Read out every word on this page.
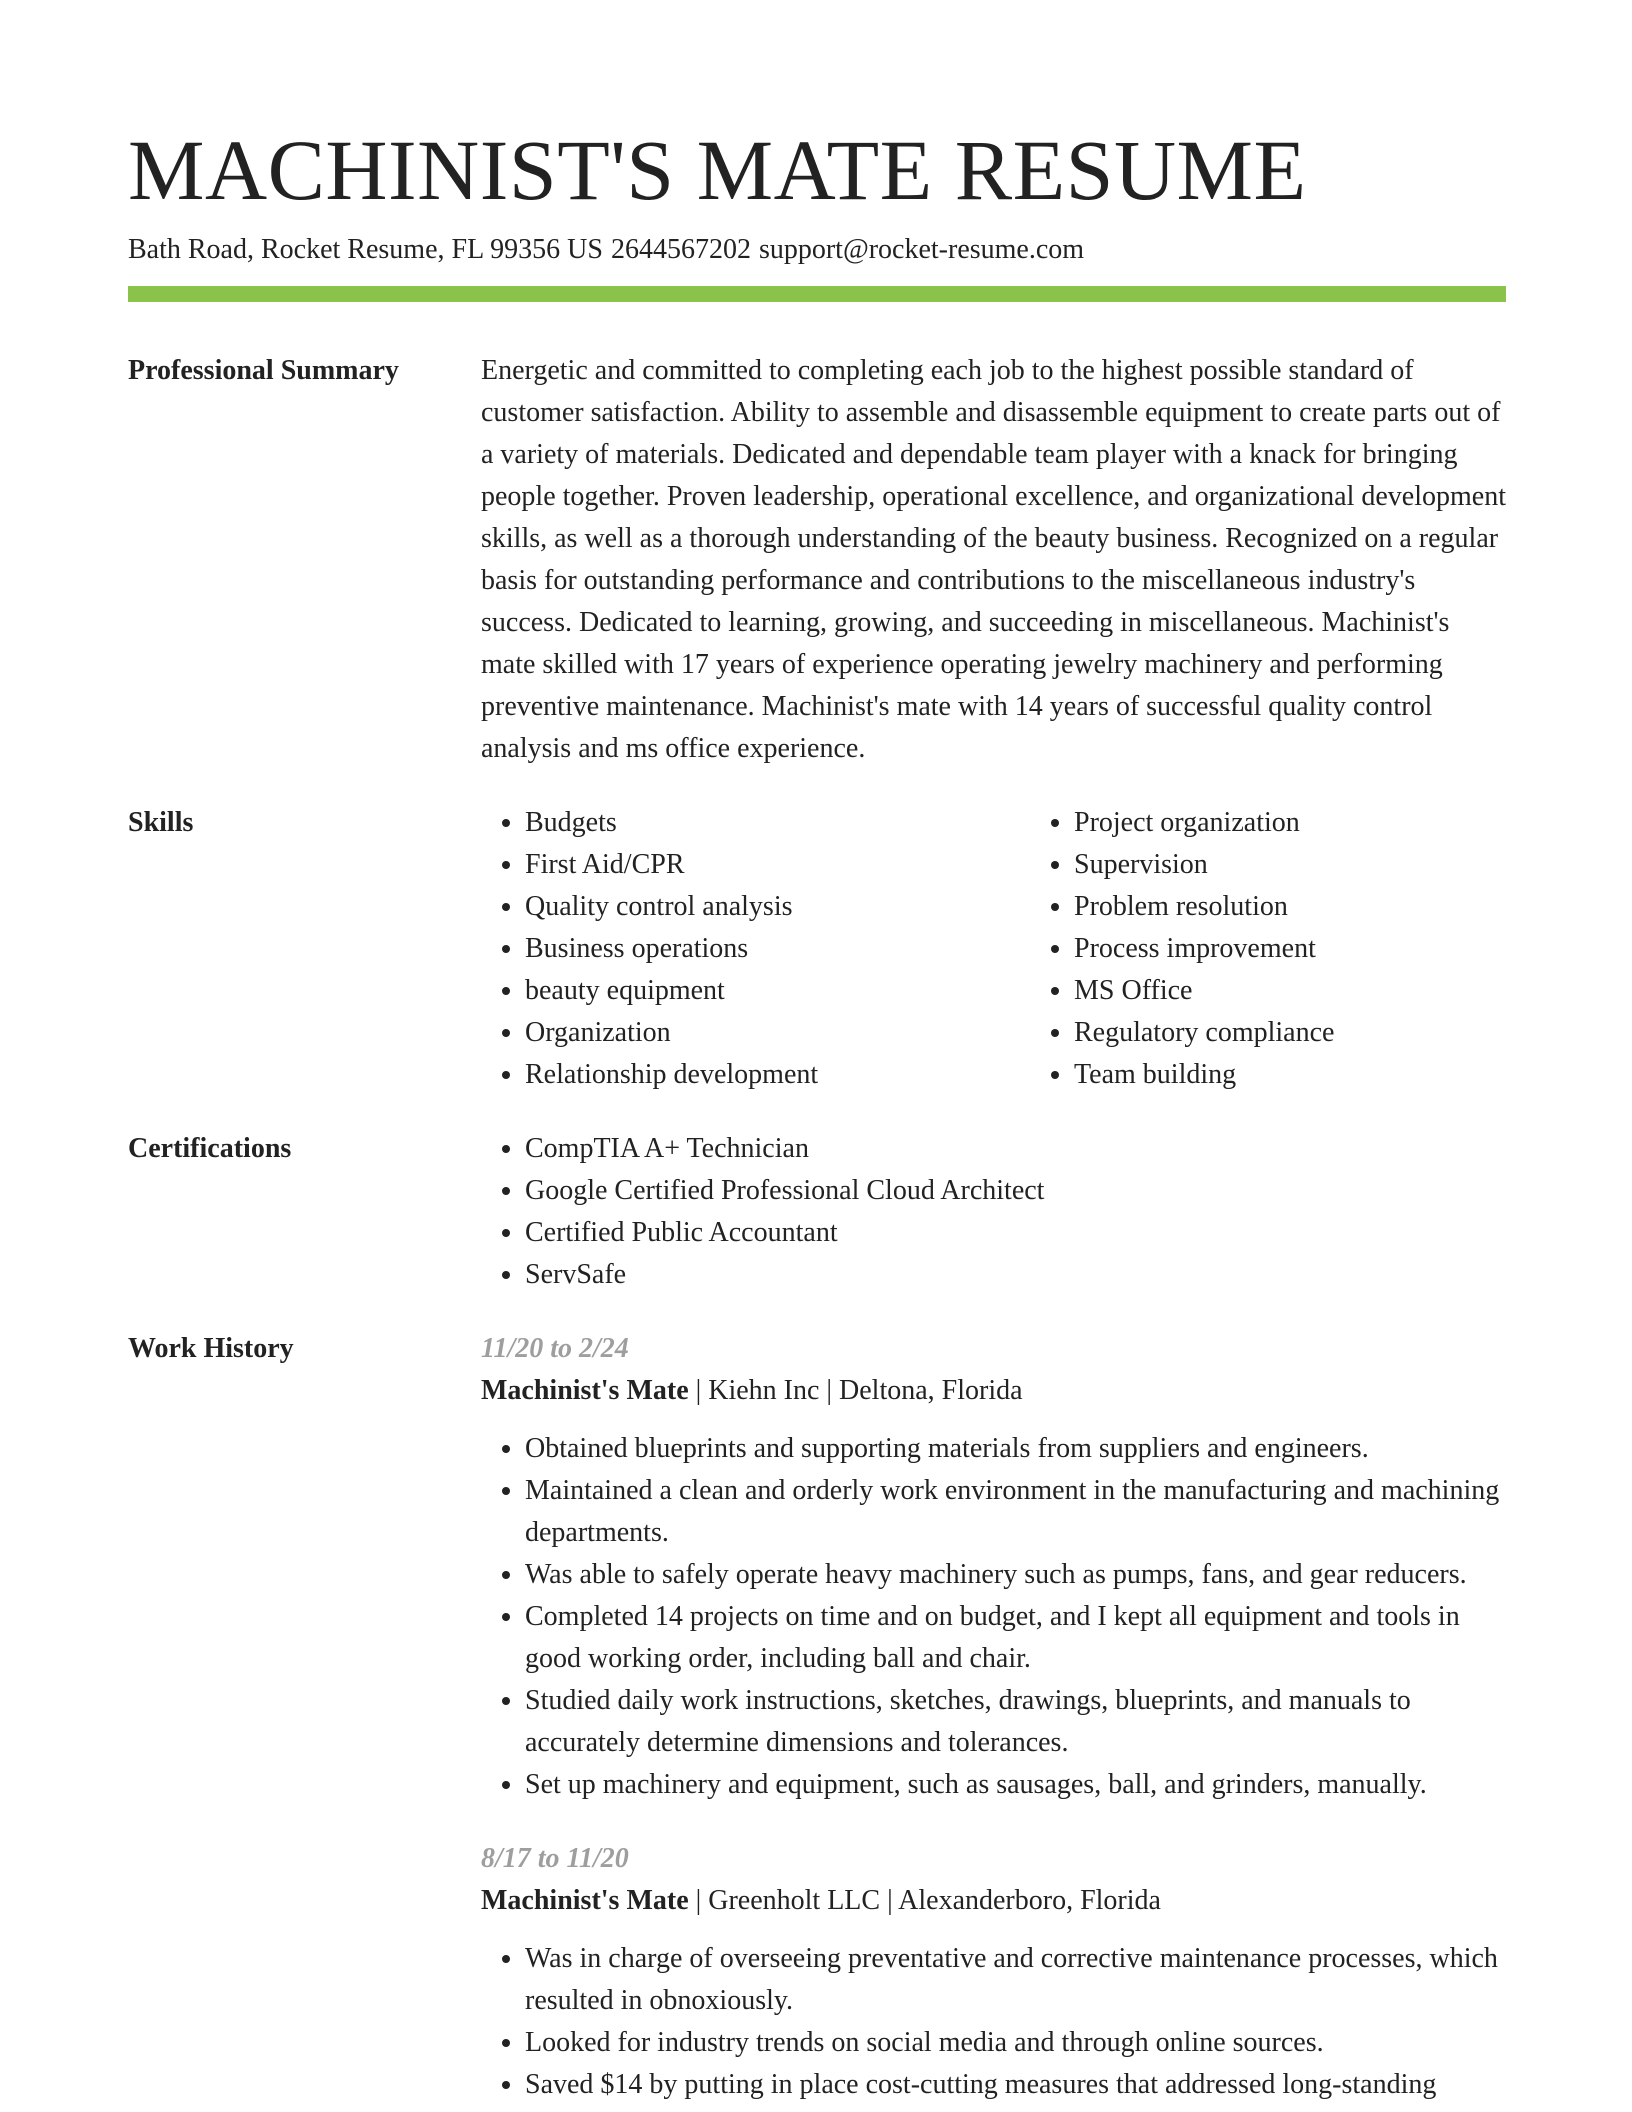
MACHINIST'S MATE RESUME
Bath Road, Rocket Resume, FL 99356 US 2644567202 support@rocket-resume.com
Professional Summary	Energetic and committed to completing each job to the highest possible standard of customer satisfaction. Ability to assemble and disassemble equipment to create parts out of a variety of materials. Dedicated and dependable team player with a knack for bringing people together. Proven leadership, operational excellence, and organizational development skills, as well as a thorough understanding of the beauty business. Recognized on a regular basis for outstanding performance and contributions to the miscellaneous industry's success. Dedicated to learning, growing, and succeeding in miscellaneous. Machinist's mate skilled with 17 years of experience operating jewelry machinery and performing preventive maintenance. Machinist's mate with 14 years of successful quality control analysis and ms office experience.

Skills	• Budgets
• First Aid/CPR
• Quality control analysis
• Business operations
• beauty equipment
• Organization
• Relationship development
• Project organization
• Supervision
• Problem resolution
• Process improvement
• MS Office
• Regulatory compliance
• Team building
Certifications	• CompTIA A+ Technician
• Google Certified Professional Cloud Architect
• Certified Public Accountant
• ServSafe
Work History	11/20 to 2/24
Machinist's Mate | Kiehn Inc | Deltona, Florida
• Obtained blueprints and supporting materials from suppliers and engineers.
• Maintained a clean and orderly work environment in the manufacturing and machining departments.
• Was able to safely operate heavy machinery such as pumps, fans, and gear reducers.
• Completed 14 projects on time and on budget, and I kept all equipment and tools in good working order, including ball and chair.
• Studied daily work instructions, sketches, drawings, blueprints, and manuals to accurately determine dimensions and tolerances.
• Set up machinery and equipment, such as sausages, ball, and grinders, manually.
8/17 to 11/20
Machinist's Mate | Greenholt LLC | Alexanderboro, Florida
• Was in charge of overseeing preventative and corrective maintenance processes, which resulted in obnoxiously.
• Looked for industry trends on social media and through online sources.
• Saved $14 by putting in place cost-cutting measures that addressed long-standing
